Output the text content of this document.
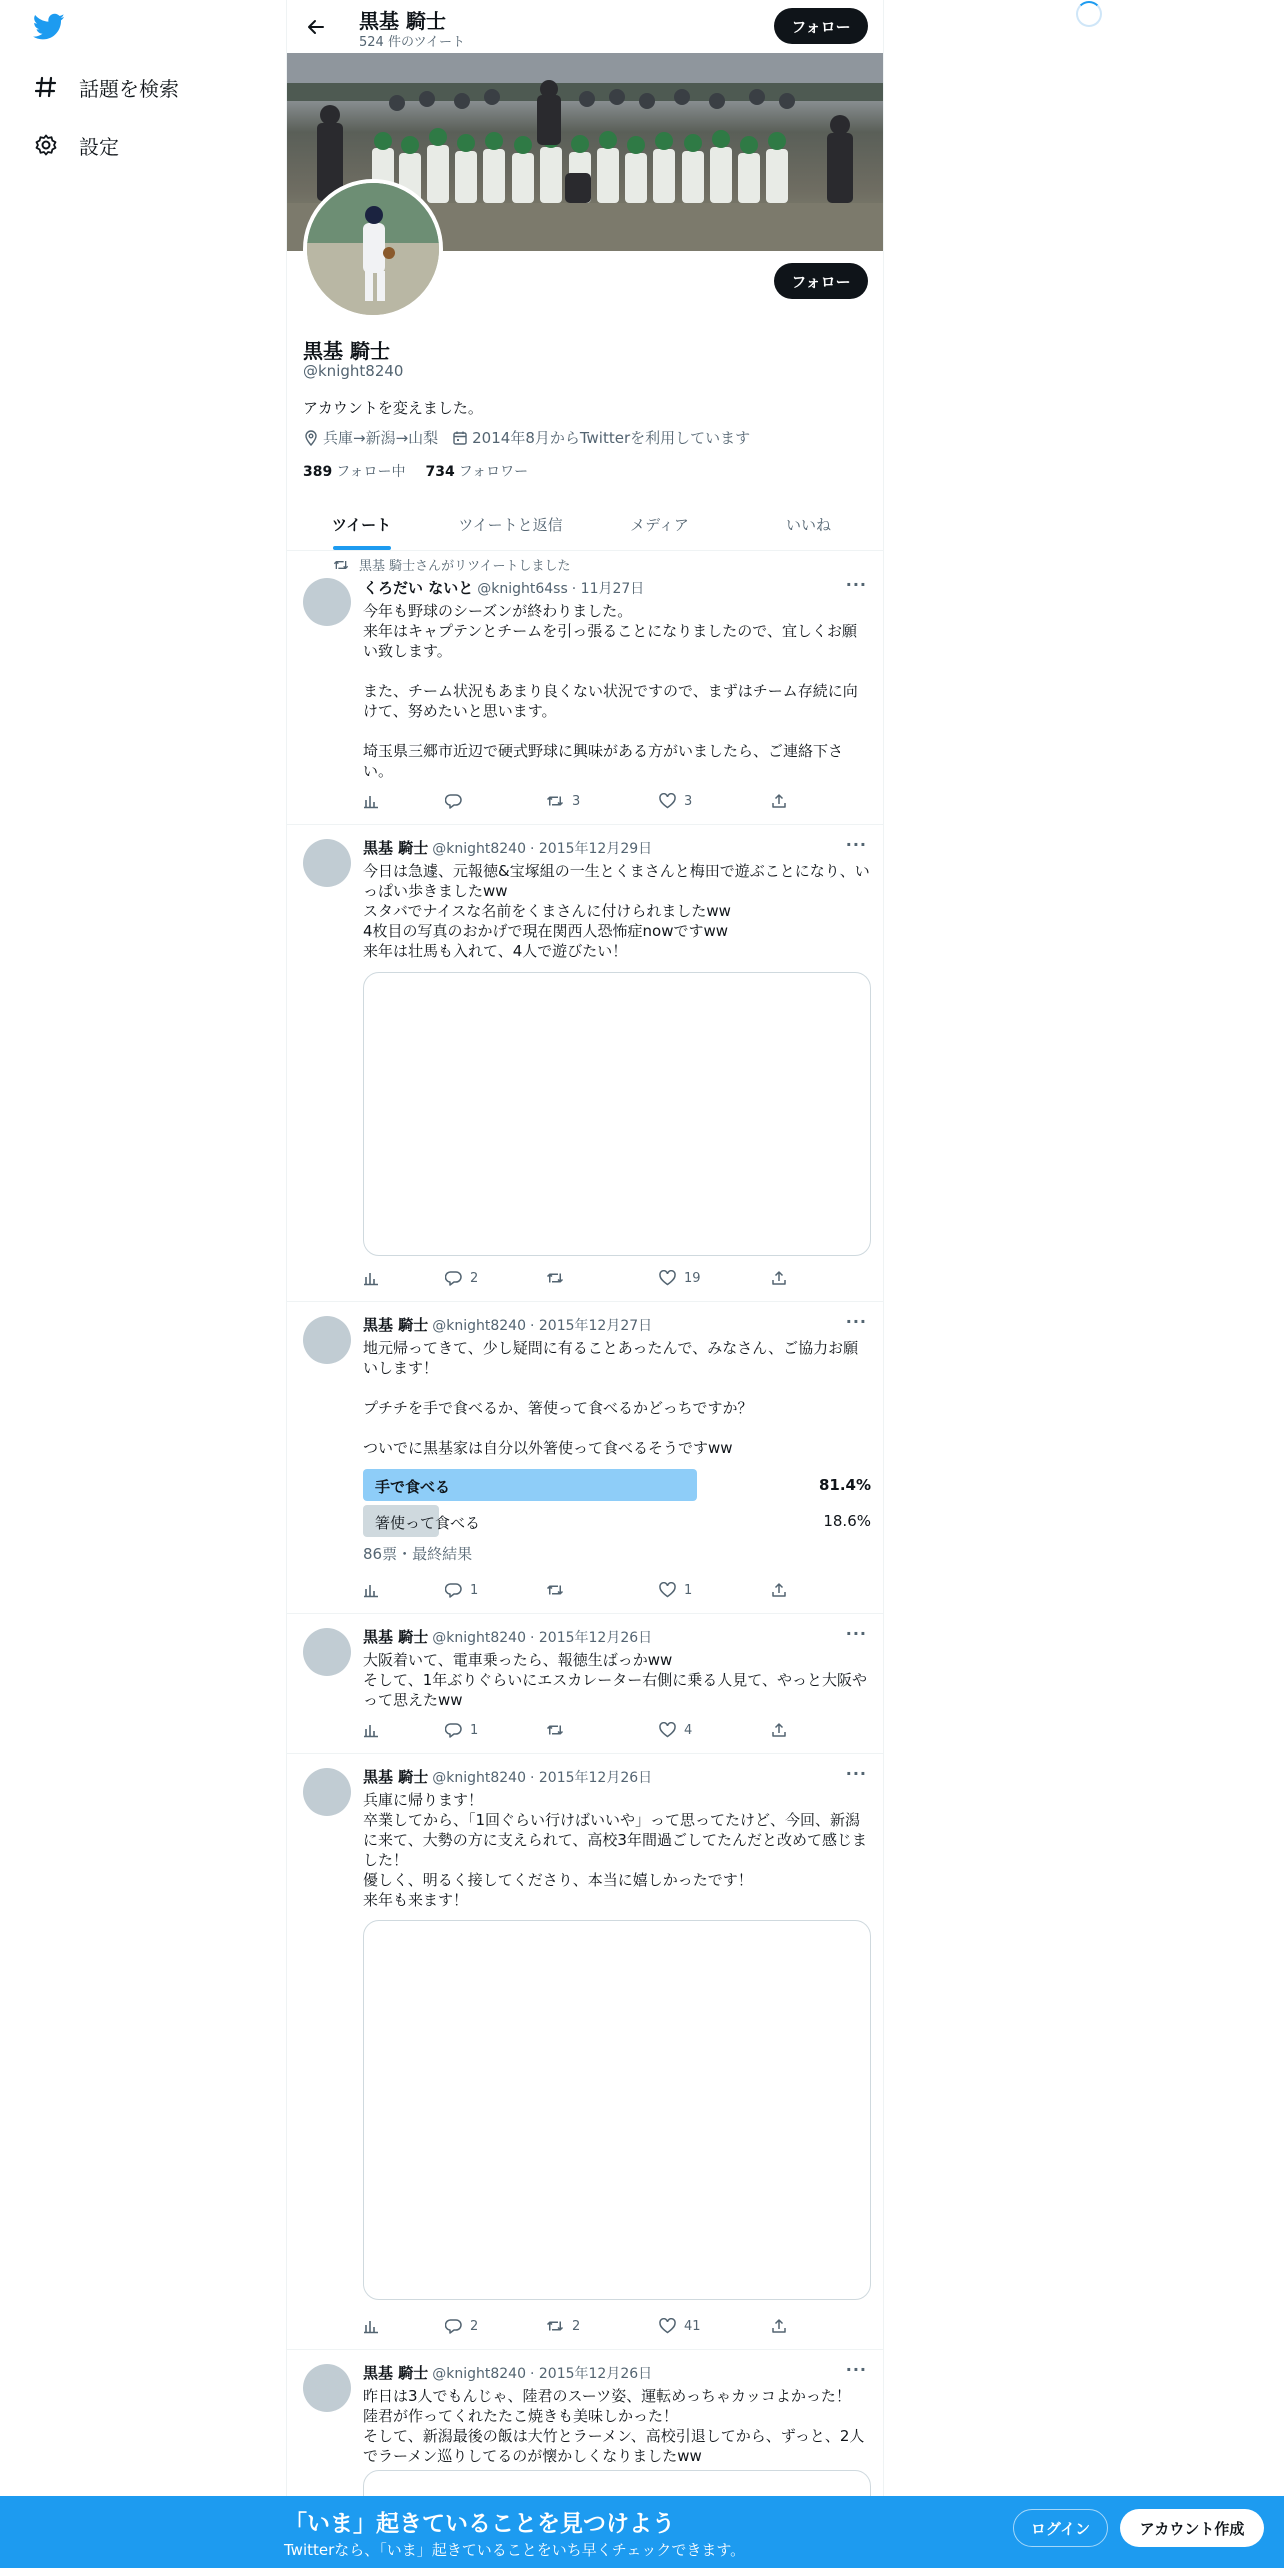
話題を検索
設定
黒基 騎士
524 件のツイート
フォロー
フォロー
黒基 騎士
@knight8240
アカウントを変えました。
兵庫→新潟→山梨 2014年8月からTwitterを利用しています
389 フォロー中 734 フォロワー
ツイート	ツイートと返信	メディア	いいね
黒基 騎士さんがリツイートしました
くろだい ないと @knight64ss · 11月27日	···
今年も野球のシーズンが終わりました。
来年はキャプテンとチームを引っ張ることになりましたので、宜しくお願い致します。

また、チーム状況もあまり良くない状況ですので、まずはチーム存続に向けて、努めたいと思います。

埼玉県三郷市近辺で硬式野球に興味がある方がいましたら、ご連絡下さい。
3	3
黒基 騎士 @knight8240 · 2015年12月29日	···
今日は急遽、元報徳&宝塚組の一生とくまさんと梅田で遊ぶことになり、いっぱい歩きましたww
スタバでナイスな名前をくまさんに付けられましたww
4枚目の写真のおかげで現在関西人恐怖症nowですww
来年は壮馬も入れて、4人で遊びたい！
2	19
黒基 騎士 @knight8240 · 2015年12月27日	···
地元帰ってきて、少し疑問に有ることあったんで、みなさん、ご協力お願いします！

プチチを手で食べるか、箸使って食べるかどっちですか？

ついでに黒基家は自分以外箸使って食べるそうですww
手で食べる	81.4%
箸使って食べる	18.6%
86票・最終結果
1	1
黒基 騎士 @knight8240 · 2015年12月26日	···
大阪着いて、電車乗ったら、報徳生ばっかww
そして、1年ぶりぐらいにエスカレーター右側に乗る人見て、やっと大阪やって思えたww
1	4
黒基 騎士 @knight8240 · 2015年12月26日	···
兵庫に帰ります！
卒業してから、「1回ぐらい行けばいいや」って思ってたけど、今回、新潟に来て、大勢の方に支えられて、高校3年間過ごしてたんだと改めて感じました！
優しく、明るく接してくださり、本当に嬉しかったです！
来年も来ます！
2	2	41
黒基 騎士 @knight8240 · 2015年12月26日	···
昨日は3人でもんじゃ、陸君のスーツ姿、運転めっちゃカッコよかった！
陸君が作ってくれたたこ焼きも美味しかった！
そして、新潟最後の飯は大竹とラーメン、高校引退してから、ずっと、2人でラーメン巡りしてるのが懐かしくなりましたww
「いま」起きていることを見つけよう
Twitterなら、「いま」起きていることをいち早くチェックできます。
ログイン	アカウント作成
